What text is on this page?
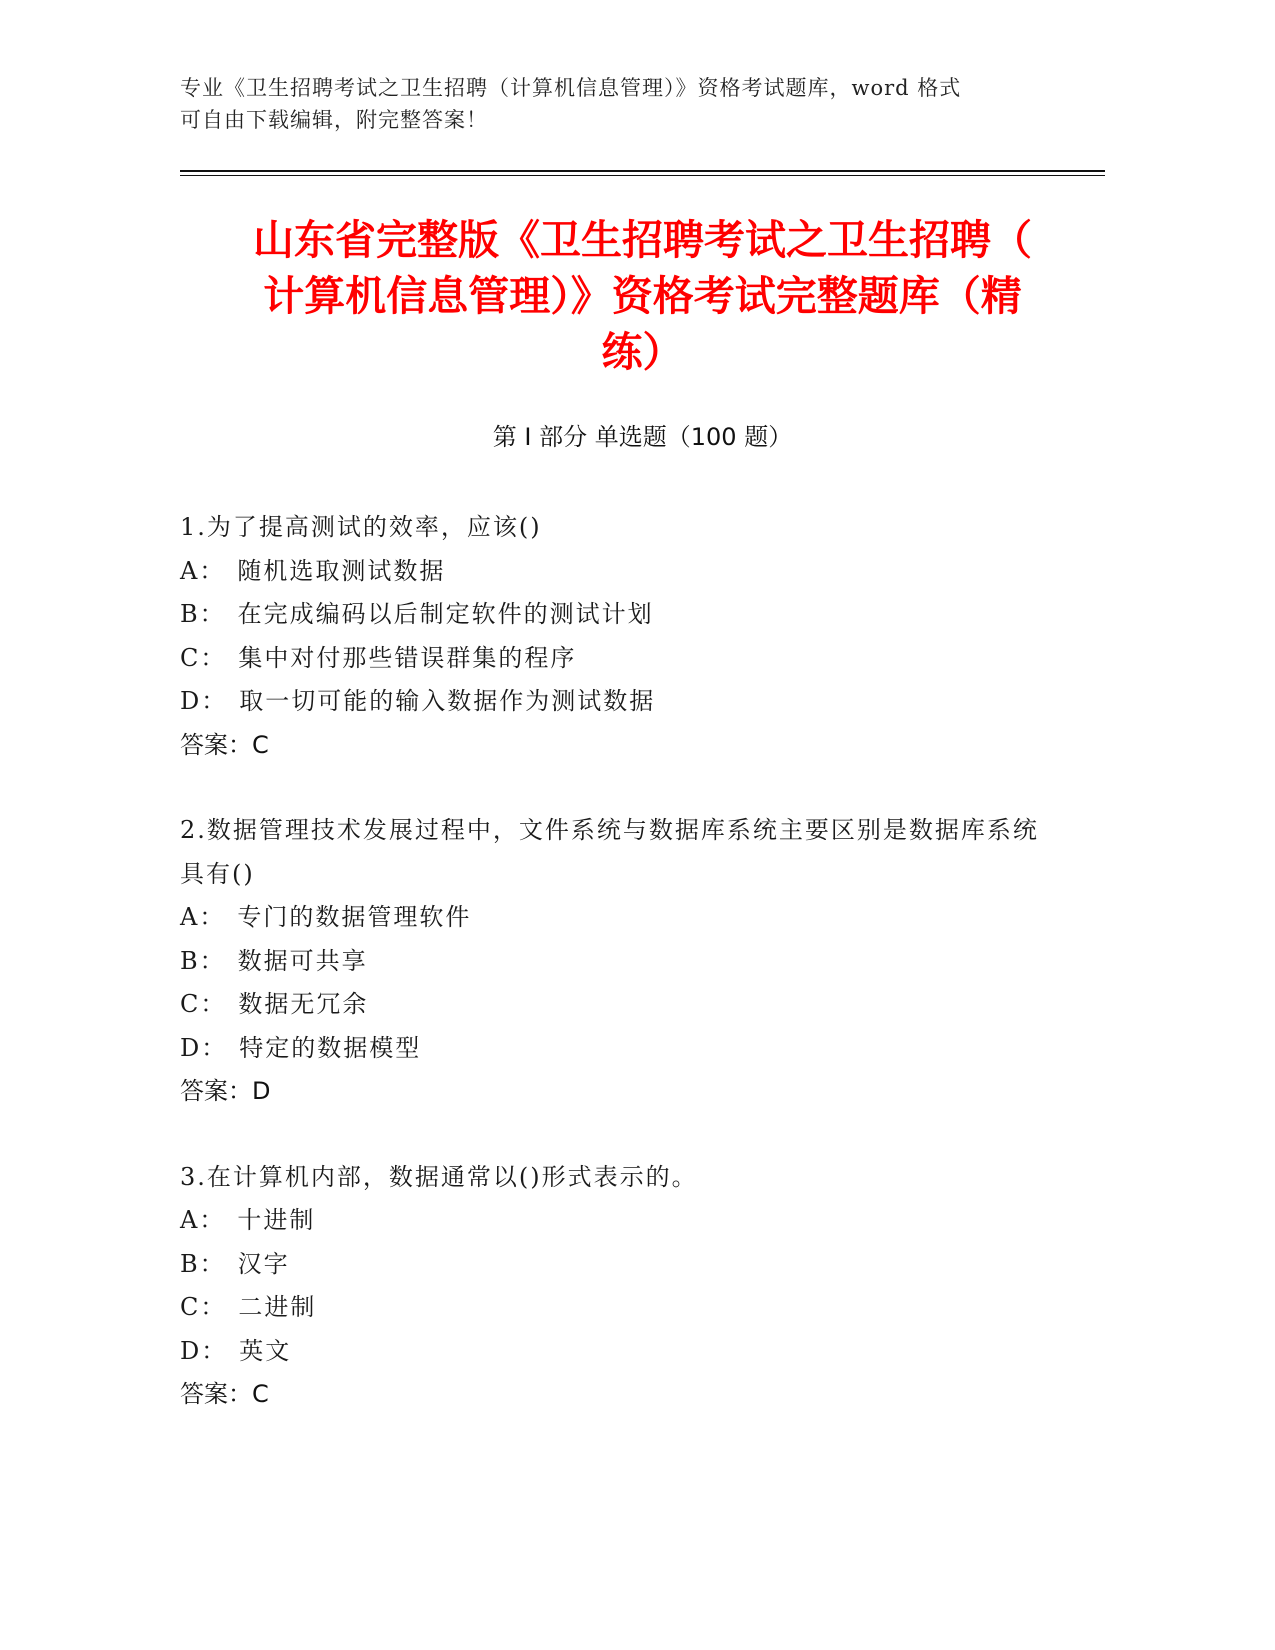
专业《卫生招聘考试之卫生招聘（计算机信息管理）》资格考试题库，word 格式
可自由下载编辑，附完整答案！
山东省完整版《卫生招聘考试之卫生招聘（
计算机信息管理）》资格考试完整题库（精
练）
第 I 部分 单选题（100 题）
1.为了提高测试的效率，应该()
A： 随机选取测试数据
B： 在完成编码以后制定软件的测试计划
C： 集中对付那些错误群集的程序
D： 取一切可能的输入数据作为测试数据
答案：C
2.数据管理技术发展过程中，文件系统与数据库系统主要区别是数据库系统具有()
A： 专门的数据管理软件
B： 数据可共享
C： 数据无冗余
D： 特定的数据模型
答案：D
3.在计算机内部，数据通常以()形式表示的。
A： 十进制
B： 汉字
C： 二进制
D： 英文
答案：C
